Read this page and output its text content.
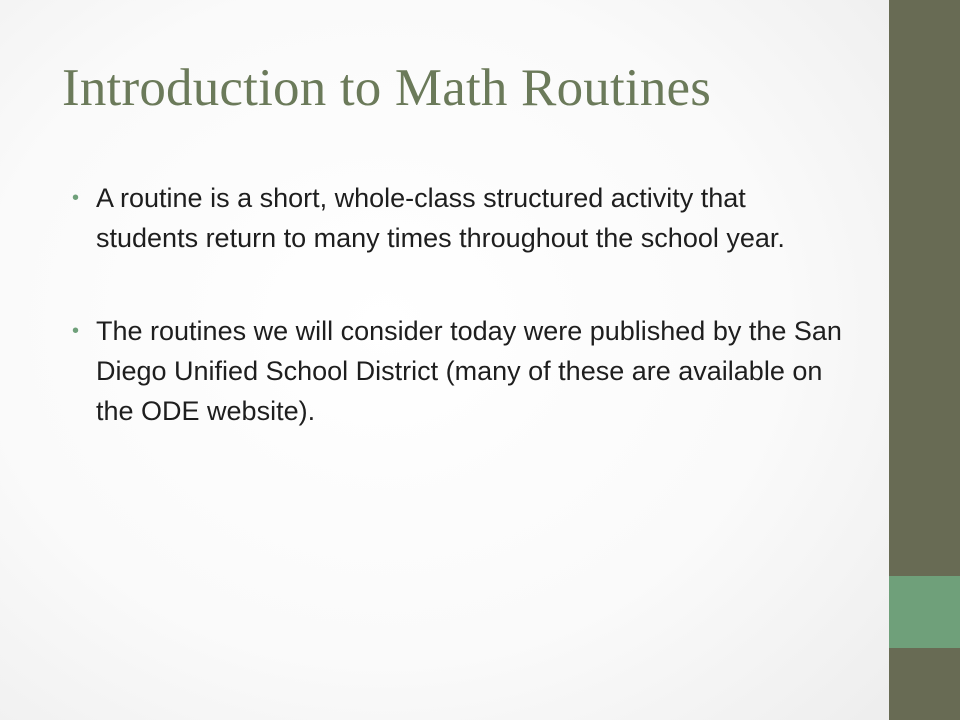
Introduction to Math Routines
• A routine is a short, whole-class structured activity that students return to many times throughout the school year.
• The routines we will consider today were published by the San Diego Unified School District (many of these are available on the ODE website).
